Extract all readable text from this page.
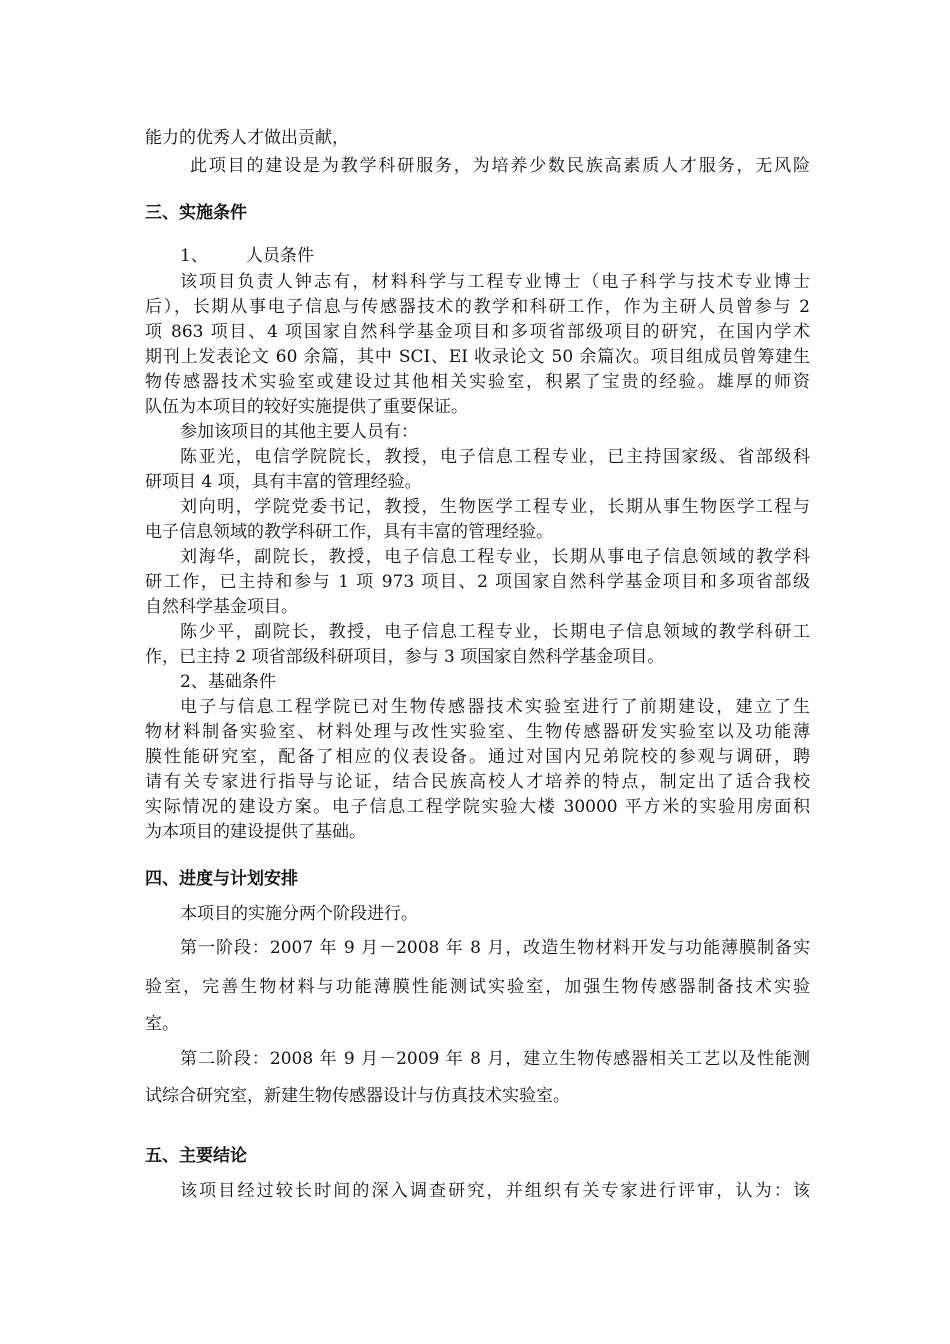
能力的优秀人才做出贡献，
此项目的建设是为教学科研服务，为培养少数民族高素质人才服务，无风险
三、实施条件
1、 人员条件
该项目负责人钟志有，材料科学与工程专业博士（电子科学与技术专业博士
后），长期从事电子信息与传感器技术的教学和科研工作，作为主研人员曾参与 2
项 863 项目、4 项国家自然科学基金项目和多项省部级项目的研究，在国内学术
期刊上发表论文 60 余篇，其中 SCI、EI 收录论文 50 余篇次。项目组成员曾筹建生
物传感器技术实验室或建设过其他相关实验室，积累了宝贵的经验。雄厚的师资
队伍为本项目的较好实施提供了重要保证。
参加该项目的其他主要人员有：
陈亚光，电信学院院长，教授，电子信息工程专业，已主持国家级、省部级科
研项目 4 项，具有丰富的管理经验。
刘向明，学院党委书记，教授，生物医学工程专业，长期从事生物医学工程与
电子信息领域的教学科研工作，具有丰富的管理经验。
刘海华，副院长，教授，电子信息工程专业，长期从事电子信息领域的教学科
研工作，已主持和参与 1 项 973 项目、2 项国家自然科学基金项目和多项省部级
自然科学基金项目。
陈少平，副院长，教授，电子信息工程专业，长期电子信息领域的教学科研工
作，已主持 2 项省部级科研项目，参与 3 项国家自然科学基金项目。
2、基础条件
电子与信息工程学院已对生物传感器技术实验室进行了前期建设，建立了生
物材料制备实验室、材料处理与改性实验室、生物传感器研发实验室以及功能薄
膜性能研究室，配备了相应的仪表设备。通过对国内兄弟院校的参观与调研，聘
请有关专家进行指导与论证，结合民族高校人才培养的特点，制定出了适合我校
实际情况的建设方案。电子信息工程学院实验大楼 30000 平方米的实验用房面积
为本项目的建设提供了基础。
四、进度与计划安排
本项目的实施分两个阶段进行。
第一阶段：2007 年 9 月－2008 年 8 月，改造生物材料开发与功能薄膜制备实
验室，完善生物材料与功能薄膜性能测试实验室，加强生物传感器制备技术实验
室。
第二阶段：2008 年 9 月－2009 年 8 月，建立生物传感器相关工艺以及性能测
试综合研究室，新建生物传感器设计与仿真技术实验室。
五、主要结论
该项目经过较长时间的深入调查研究，并组织有关专家进行评审，认为：该
